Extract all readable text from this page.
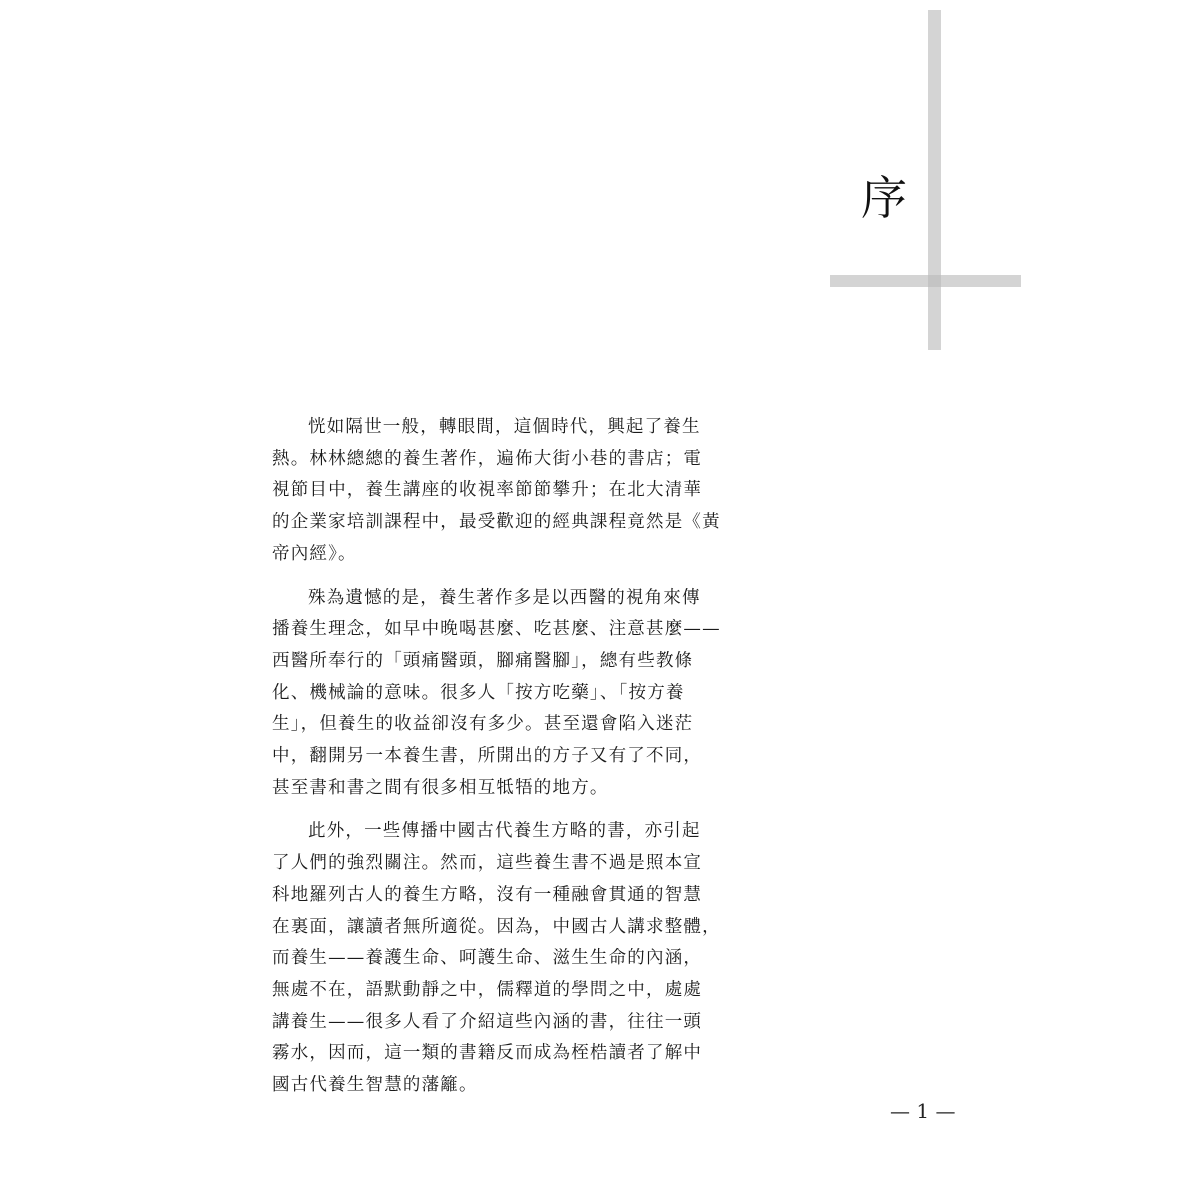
序

恍如隔世一般，轉眼間，這個時代，興起了養生
熱。林林總總的養生著作，遍佈大街小巷的書店；電
視節目中，養生講座的收視率節節攀升；在北大清華
的企業家培訓課程中，最受歡迎的經典課程竟然是《黃
帝內經》。

殊為遺憾的是，養生著作多是以西醫的視角來傳
播養生理念，如早中晚喝甚麼、吃甚麼、注意甚麼——
西醫所奉行的「頭痛醫頭，腳痛醫腳」，總有些教條
化、機械論的意味。很多人「按方吃藥」、「按方養
生」，但養生的收益卻沒有多少。甚至還會陷入迷茫
中，翻開另一本養生書，所開出的方子又有了不同，
甚至書和書之間有很多相互牴牾的地方。

此外，一些傳播中國古代養生方略的書，亦引起
了人們的強烈關注。然而，這些養生書不過是照本宣
科地羅列古人的養生方略，沒有一種融會貫通的智慧
在裏面，讓讀者無所適從。因為，中國古人講求整體，
而養生——養護生命、呵護生命、滋生生命的內涵，
無處不在，語默動靜之中，儒釋道的學問之中，處處
講養生——很多人看了介紹這些內涵的書，往往一頭
霧水，因而，這一類的書籍反而成為桎梏讀者了解中
國古代養生智慧的藩籬。

— 1 —
